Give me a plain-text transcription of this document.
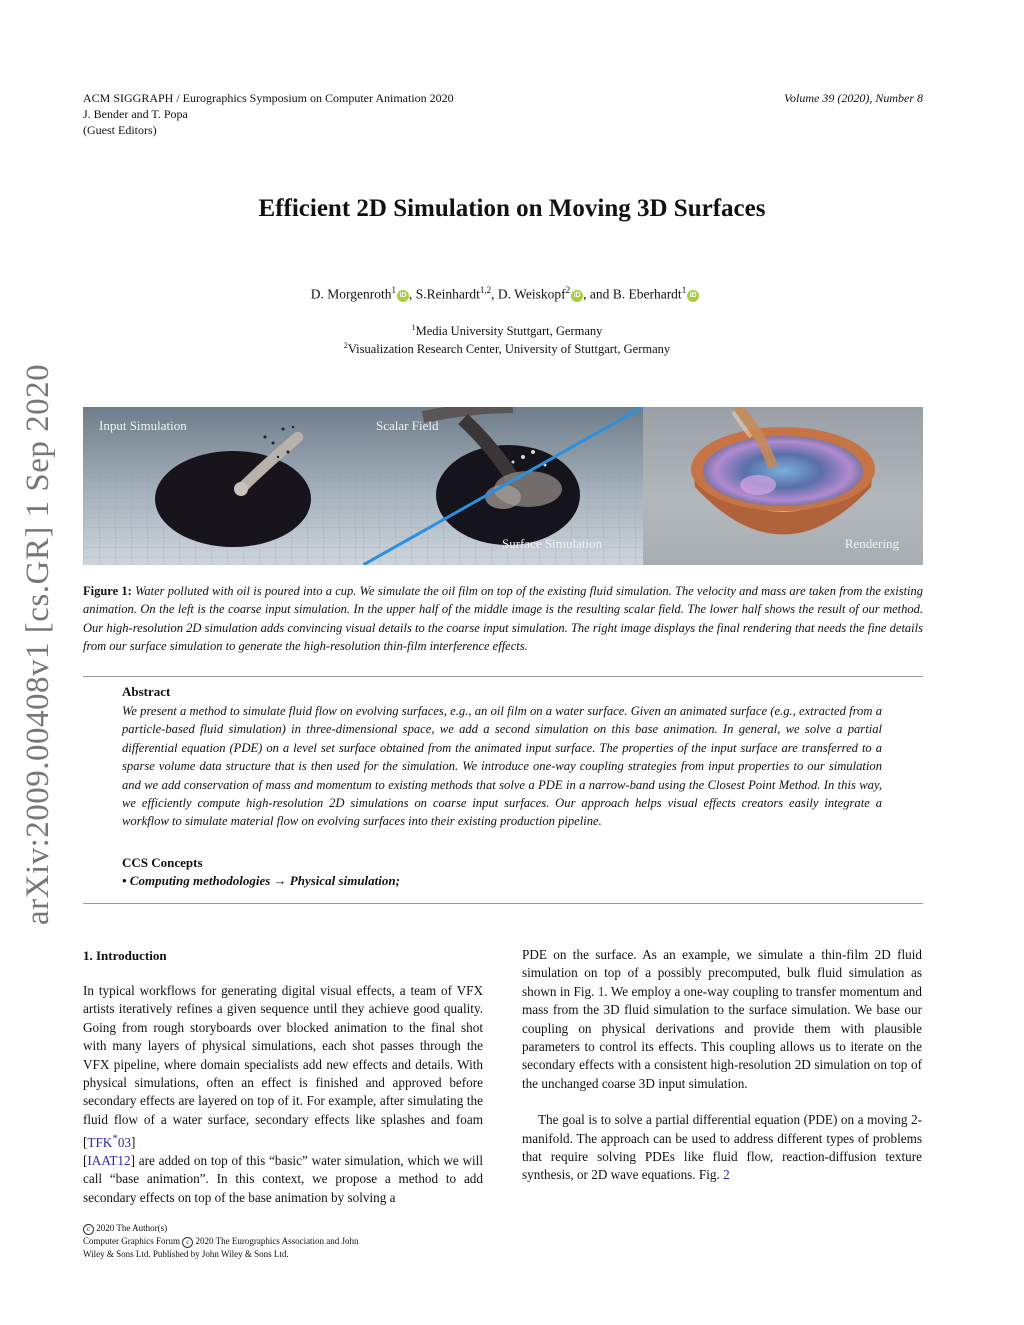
ACM SIGGRAPH / Eurographics Symposium on Computer Animation 2020
J. Bender and T. Popa
(Guest Editors)
Volume 39 (2020), Number 8
arXiv:2009.00408v1 [cs.GR] 1 Sep 2020
Efficient 2D Simulation on Moving 3D Surfaces
D. Morgenroth$^1$ iD , S.Reinhardt$^{1,2}$, D. Weiskopf$^2$ iD , and B. Eberhardt$^1$ iD
$^1$Media University Stuttgart, Germany
$^2$Visualization Research Center, University of Stuttgart, Germany
Input Simulation	Scalar Field
Surface Simulation	Rendering
Figure 1: Water polluted with oil is poured into a cup. We simulate the oil film on top of the existing fluid simulation. The velocity and mass are taken from the existing animation. On the left is the coarse input simulation. In the upper half of the middle image is the resulting scalar field. The lower half shows the result of our method. Our high-resolution 2D simulation adds convincing visual details to the coarse input simulation. The right image displays the final rendering that needs the fine details from our surface simulation to generate the high-resolution thin-film interference effects.
Abstract
We present a method to simulate fluid flow on evolving surfaces, e.g., an oil film on a water surface. Given an animated surface (e.g., extracted from a particle-based fluid simulation) in three-dimensional space, we add a second simulation on this base animation. In general, we solve a partial differential equation (PDE) on a level set surface obtained from the animated input surface. The properties of the input surface are transferred to a sparse volume data structure that is then used for the simulation. We introduce one-way coupling strategies from input properties to our simulation and we add conservation of mass and momentum to existing methods that solve a PDE in a narrow-band using the Closest Point Method. In this way, we efficiently compute high-resolution 2D simulations on coarse input surfaces. Our approach helps visual effects creators easily integrate a workflow to simulate material flow on evolving surfaces into their existing production pipeline.
CCS Concepts
• Computing methodologies → Physical simulation;
1. Introduction
In typical workflows for generating digital visual effects, a team of VFX artists iteratively refines a given sequence until they achieve good quality. Going from rough storyboards over blocked animation to the final shot with many layers of physical simulations, each shot passes through the VFX pipeline, where domain specialists add new effects and details. With physical simulations, often an effect is finished and approved before secondary effects are layered on top of it. For example, after simulating the fluid flow of a water surface, secondary effects like splashes and foam [TFK*03]
[IAAT12] are added on top of this “basic” water simulation, which we will call “base animation”. In this context, we propose a method to add secondary effects on top of the base animation by solving a
PDE on the surface. As an example, we simulate a thin-film 2D fluid simulation on top of a possibly precomputed, bulk fluid simulation as shown in Fig. 1. We employ a one-way coupling to transfer momentum and mass from the 3D fluid simulation to the surface simulation. We base our coupling on physical derivations and provide them with plausible parameters to control its effects. This coupling allows us to iterate on the secondary effects with a consistent high-resolution 2D simulation on top of the unchanged coarse 3D input simulation.
The goal is to solve a partial differential equation (PDE) on a moving 2-manifold. The approach can be used to address different types of problems that require solving PDEs like fluid flow, reaction-diffusion texture synthesis, or 2D wave equations. Fig. 2
c 2020 The Author(s)
Computer Graphics Forum c 2020 The Eurographics Association and John
Wiley & Sons Ltd. Published by John Wiley & Sons Ltd.
